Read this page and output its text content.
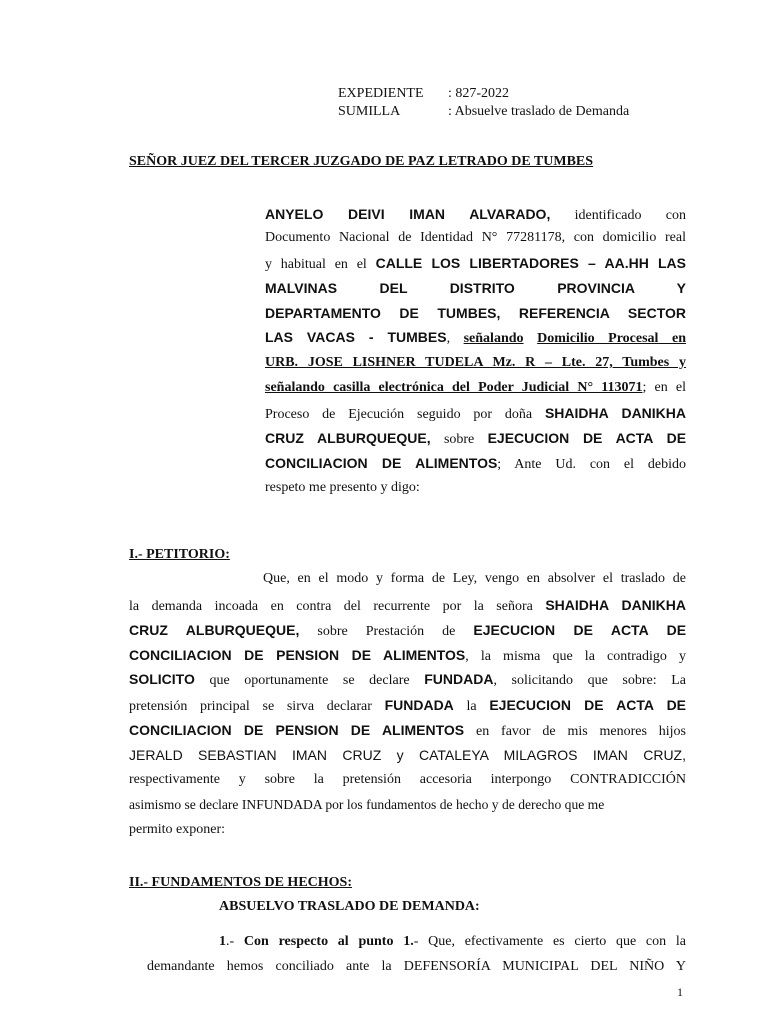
EXPEDIENTE : 827-2022
SUMILLA	: Absuelve traslado de Demanda
SEÑOR JUEZ DEL TERCER JUZGADO DE PAZ LETRADO DE TUMBES
ANYELO DEIVI IMAN ALVARADO, identificado con
Documento Nacional de Identidad N° 77281178, con domicilio real
y habitual en el CALLE LOS LIBERTADORES – AA.HH LAS
MALVINAS DEL DISTRITO PROVINCIA Y
DEPARTAMENTO DE TUMBES, REFERENCIA SECTOR
LAS VACAS - TUMBES, señalando Domicilio Procesal en
URB. JOSE LISHNER TUDELA Mz. R – Lte. 27, Tumbes y
señalando casilla electrónica del Poder Judicial N° 113071; en el
Proceso de Ejecución seguido por doña SHAIDHA DANIKHA
CRUZ ALBURQUEQUE, sobre EJECUCION DE ACTA DE
CONCILIACION DE ALIMENTOS; Ante Ud. con el debido
respeto me presento y digo:
I.- PETITORIO:
Que, en el modo y forma de Ley, vengo en absolver el traslado de
la demanda incoada en contra del recurrente por la señora SHAIDHA DANIKHA
CRUZ ALBURQUEQUE, sobre Prestación de EJECUCION DE ACTA DE
CONCILIACION DE PENSION DE ALIMENTOS, la misma que la contradigo y
SOLICITO que oportunamente se declare FUNDADA, solicitando que sobre: La
pretensión principal se sirva declarar FUNDADA la EJECUCION DE ACTA DE
CONCILIACION DE PENSION DE ALIMENTOS en favor de mis menores hijos
JERALD SEBASTIAN IMAN CRUZ y CATALEYA MILAGROS IMAN CRUZ,
respectivamente y sobre la pretensión accesoria interpongo CONTRADICCIÓN
asimismo se declare INFUNDADA por los fundamentos de hecho y de derecho que me
permito exponer:
II.- FUNDAMENTOS DE HECHOS:
ABSUELVO TRASLADO DE DEMANDA:
1.- Con respecto al punto 1.- Que, efectivamente es cierto que con la
demandante hemos conciliado ante la DEFENSORÍA MUNICIPAL DEL NIÑO Y
1
